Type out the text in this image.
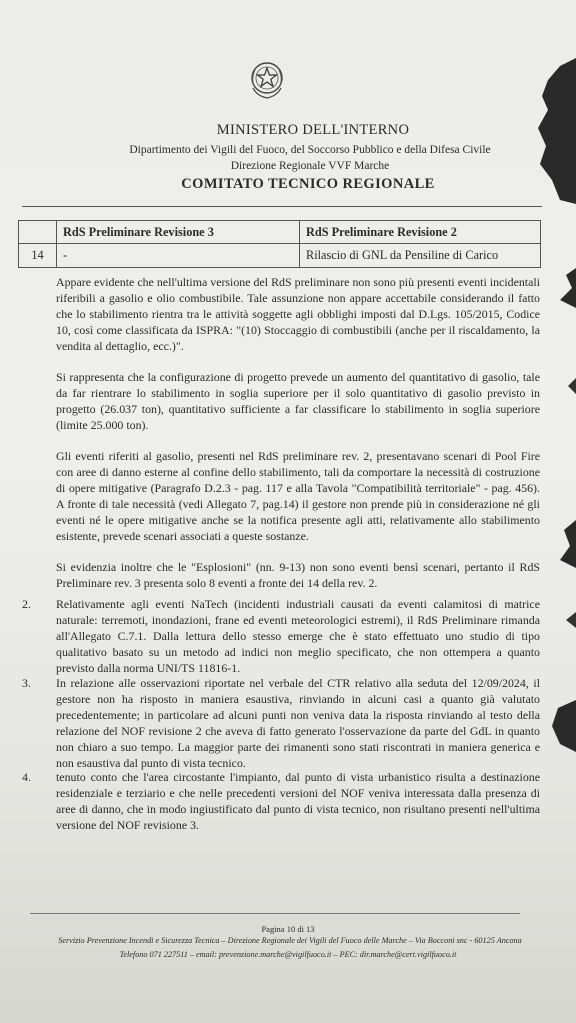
MINISTERO DELL'INTERNO
Dipartimento dei Vigili del Fuoco, del Soccorso Pubblico e della Difesa Civile
Direzione Regionale VVF Marche
COMITATO TECNICO REGIONALE
	RdS Preliminare Revisione 3	RdS Preliminare Revisione 2
14	-	Rilascio di GNL da Pensiline di Carico

Appare evidente che nell'ultima versione del RdS preliminare non sono più presenti eventi incidentali riferibili a gasolio e olio combustibile. Tale assunzione non appare accettabile considerando il fatto che lo stabilimento rientra tra le attività soggette agli obblighi imposti dal D.Lgs. 105/2015, Codice 10, così come classificata da ISPRA: "(10) Stoccaggio di combustibili (anche per il riscaldamento, la vendita al dettaglio, ecc.)".

Si rappresenta che la configurazione di progetto prevede un aumento del quantitativo di gasolio, tale da far rientrare lo stabilimento in soglia superiore per il solo quantitativo di gasolio previsto in progetto (26.037 ton), quantitativo sufficiente a far classificare lo stabilimento in soglia superiore (limite 25.000 ton).

Gli eventi riferiti al gasolio, presenti nel RdS preliminare rev. 2, presentavano scenari di Pool Fire con aree di danno esterne al confine dello stabilimento, tali da comportare la necessità di costruzione di opere mitigative (Paragrafo D.2.3 - pag. 117 e alla Tavola "Compatibilità territoriale" - pag. 456). A fronte di tale necessità (vedi Allegato 7, pag.14) il gestore non prende più in considerazione né gli eventi né le opere mitigative anche se la notifica presente agli atti, relativamente allo stabilimento esistente, prevede scenari associati a queste sostanze.

Si evidenzia inoltre che le "Esplosioni" (nn. 9-13) non sono eventi bensì scenari, pertanto il RdS Preliminare rev. 3 presenta solo 8 eventi a fronte dei 14 della rev. 2.

2. Relativamente agli eventi NaTech (incidenti industriali causati da eventi calamitosi di matrice naturale: terremoti, inondazioni, frane ed eventi meteorologici estremi), il RdS Preliminare rimanda all'Allegato C.7.1. Dalla lettura dello stesso emerge che è stato effettuato uno studio di tipo qualitativo basato su un metodo ad indici non meglio specificato, che non ottempera a quanto previsto dalla norma UNI/TS 11816-1.

3. In relazione alle osservazioni riportate nel verbale del CTR relativo alla seduta del 12/09/2024, il gestore non ha risposto in maniera esaustiva, rinviando in alcuni casi a quanto già valutato precedentemente; in particolare ad alcuni punti non veniva data la risposta rinviando al testo della relazione del NOF revisione 2 che aveva di fatto generato l'osservazione da parte del GdL in quanto non chiaro a suo tempo. La maggior parte dei rimanenti sono stati riscontrati in maniera generica e non esaustiva dal punto di vista tecnico.

4. tenuto conto che l'area circostante l'impianto, dal punto di vista urbanistico risulta a destinazione residenziale e terziario e che nelle precedenti versioni del NOF veniva interessata dalla presenza di aree di danno, che in modo ingiustificato dal punto di vista tecnico, non risultano presenti nell'ultima versione del NOF revisione 3.

Pagina 10 di 13
Servizio Prevenzione Incendi e Sicurezza Tecnica – Direzione Regionale dei Vigili del Fuoco delle Marche – Via Bocconi snc - 60125 Ancona
Telefono 071 227511 – email: prevenzione.marche@vigilfuoco.it – PEC: dir.marche@cert.vigilfuoco.it
